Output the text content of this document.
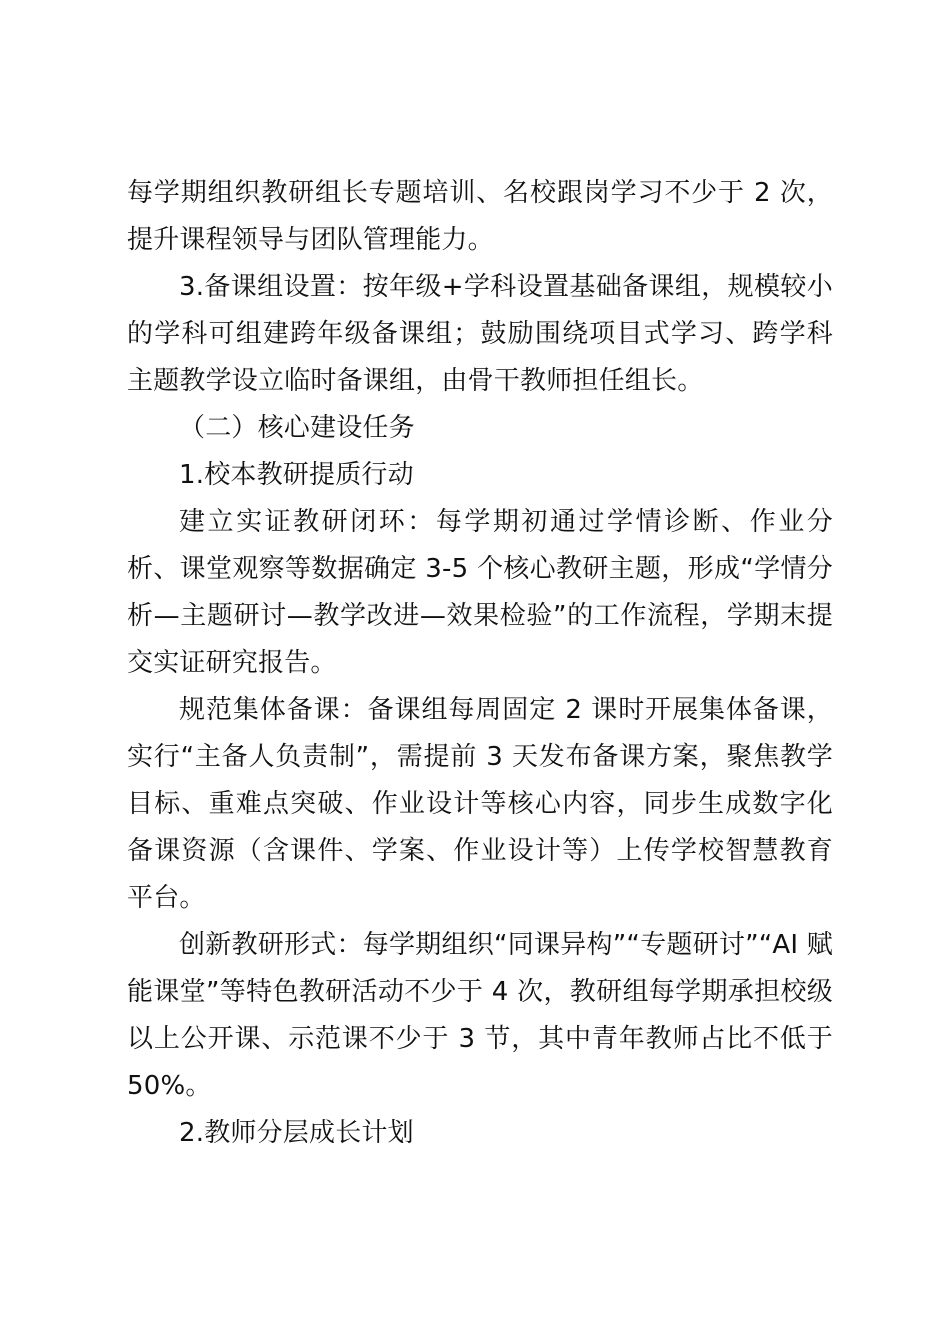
每学期组织教研组长专题培训、名校跟岗学习不少于 2 次，提升课程领导与团队管理能力。

3.备课组设置：按年级+学科设置基础备课组，规模较小的学科可组建跨年级备课组；鼓励围绕项目式学习、跨学科主题教学设立临时备课组，由骨干教师担任组长。

（二）核心建设任务

1.校本教研提质行动

建立实证教研闭环：每学期初通过学情诊断、作业分析、课堂观察等数据确定 3-5 个核心教研主题，形成“学情分析—主题研讨—教学改进—效果检验”的工作流程，学期末提交实证研究报告。

规范集体备课：备课组每周固定 2 课时开展集体备课，实行“主备人负责制”，需提前 3 天发布备课方案，聚焦教学目标、重难点突破、作业设计等核心内容，同步生成数字化备课资源（含课件、学案、作业设计等）上传学校智慧教育平台。

创新教研形式：每学期组织“同课异构”“专题研讨”“AI 赋能课堂”等特色教研活动不少于 4 次，教研组每学期承担校级以上公开课、示范课不少于 3 节，其中青年教师占比不低于 50%。

2.教师分层成长计划
